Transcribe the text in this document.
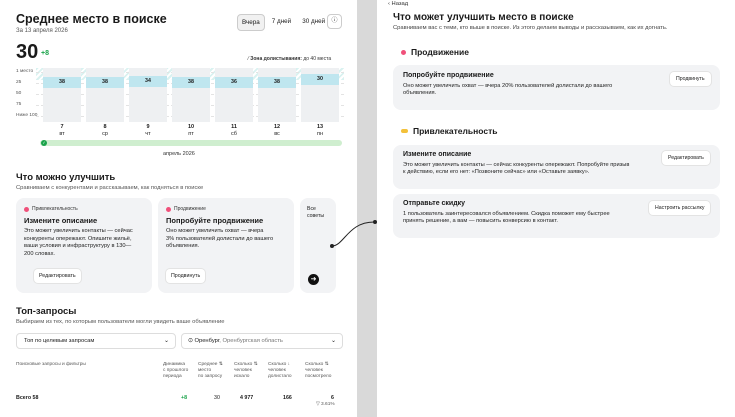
Среднее место в поиске
За 13 апреля 2026
Вчера	7 дней	30 дней	ⓘ
30 +8
⁄ Зона долистывания: до 40 места
1 место
25
50
75
Ниже 100
38	38	34	38	36	38
30
✓
апрель 2026
Что можно улучшить
Сравниваем с конкурентами и рассказываем, как подняться в поиске
Привлекательность
Измените описание
Это может увеличить контакты — сейчас
конкуренты опережают. Опишите жильё,
ваши условия и инфраструктуру в 130—
200 словах.
Редактировать
Продвижение
Попробуйте продвижение
Оно может увеличить охват — вчера
3% пользователей долистали до вашего
объявления.
Продвинуть
Все
советы
➜
Топ-запросы
Выбираем из тех, по которым пользователи могли увидеть ваше объявление
Топ по целевым запросам	⌄	⊙ Оренбург, Оренбургская область	⌄
Поисковые запросы и фильтры	Динамика
с прошлого
периода
Среднее ⇅
место
по запросу
Сколько ⇅
человек
искало
Сколько ↓
человек
долистало
Сколько ⇅
человек
посмотрело
Всего 58	+8	30	4 977	166	6
▽ 3.61%
7
вт
8
ср
9
чт
10
пт
11
сб
12
вс
13
пн
‹ Назад
Что может улучшить место в поиске
Сравниваем вас с теми, кто выше в поиске. Из этого делаем выводы и рассказываем, как их догнать.
Продвижение
Попробуйте продвижение
Оно может увеличить охват — вчера 20% пользователей долистали до вашего
объявления.
Продвинуть
Привлекательность
Измените описание
Это может увеличить контакты — сейчас конкуренты опережают. Попробуйте призыв
к действию, если его нет: «Позвоните сейчас» или «Оставьте заявку».
Редактировать
Отправьте скидку
1 пользователь заинтересовался объявлением. Скидка поможет ему быстрее
принять решение, а вам — повысить конверсию в контакт.
Настроить рассылку
